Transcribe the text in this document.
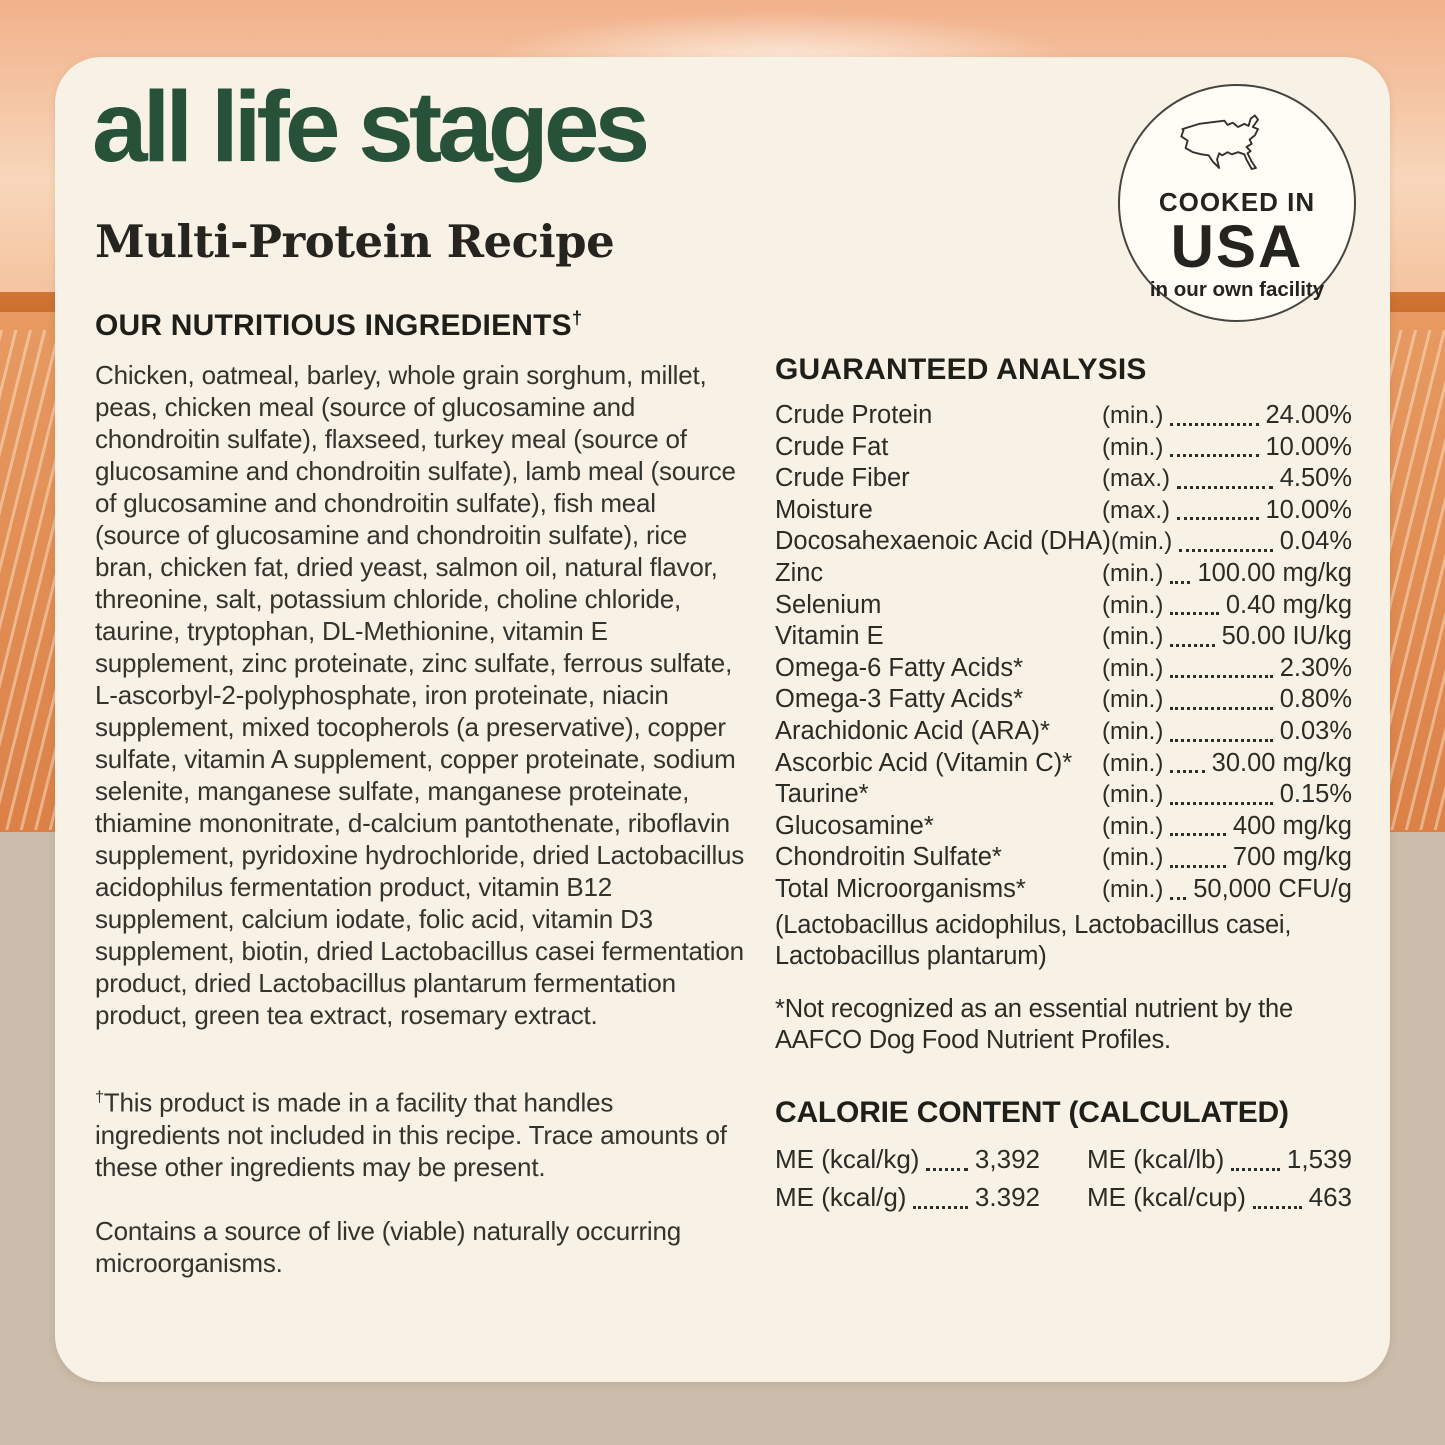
all life stages
Multi-Protein Recipe
COOKED IN
USA
in our own facility
OUR NUTRITIOUS INGREDIENTS†

Chicken, oatmeal, barley, whole grain sorghum, millet, peas, chicken meal (source of glucosamine and chondroitin sulfate), flaxseed, turkey meal (source of glucosamine and chondroitin sulfate), lamb meal (source of glucosamine and chondroitin sulfate), fish meal (source of glucosamine and chondroitin sulfate), rice bran, chicken fat, dried yeast, salmon oil, natural flavor, threonine, salt, potassium chloride, choline chloride, taurine, tryptophan, DL-Methionine, vitamin E supplement, zinc proteinate, zinc sulfate, ferrous sulfate, L-ascorbyl-2-polyphosphate, iron proteinate, niacin supplement, mixed tocopherols (a preservative), copper sulfate, vitamin A supplement, copper proteinate, sodium selenite, manganese sulfate, manganese proteinate, thiamine mononitrate, d-calcium pantothenate, riboflavin supplement, pyridoxine hydrochloride, dried Lactobacillus acidophilus fermentation product, vitamin B12 supplement, calcium iodate, folic acid, vitamin D3 supplement, biotin, dried Lactobacillus casei fermentation product, dried Lactobacillus plantarum fermentation product, green tea extract, rosemary extract.

†This product is made in a facility that handles ingredients not included in this recipe. Trace amounts of these other ingredients may be present.

Contains a source of live (viable) naturally occurring microorganisms.

GUARANTEED ANALYSIS
Crude Protein	(min.)	24.00%
Crude Fat	(min.)	10.00%
Crude Fiber	(max.)	4.50%
Moisture	(max.)	10.00%
Docosahexaenoic Acid (DHA) (min.)	0.04%
Zinc	(min.) 100.00 mg/kg
Selenium	(min.) 0.40 mg/kg
Vitamin E	(min.) 50.00 IU/kg
Omega-6 Fatty Acids*	(min.)	2.30%
Omega-3 Fatty Acids*	(min.)	0.80%
Arachidonic Acid (ARA)*	(min.)	0.03%
Ascorbic Acid (Vitamin C)*	(min.) 30.00 mg/kg
Taurine*	(min.)	0.15%
Glucosamine*	(min.)	400 mg/kg
Chondroitin Sulfate*	(min.)	700 mg/kg
Total Microorganisms*	(min.) 50,000 CFU/g

(Lactobacillus acidophilus, Lactobacillus casei, Lactobacillus plantarum)

*Not recognized as an essential nutrient by the AAFCO Dog Food Nutrient Profiles.

CALORIE CONTENT (CALCULATED)
ME (kcal/kg) 3,392 ME (kcal/lb) 1,539
ME (kcal/g)	3.392 ME (kcal/cup) 463
